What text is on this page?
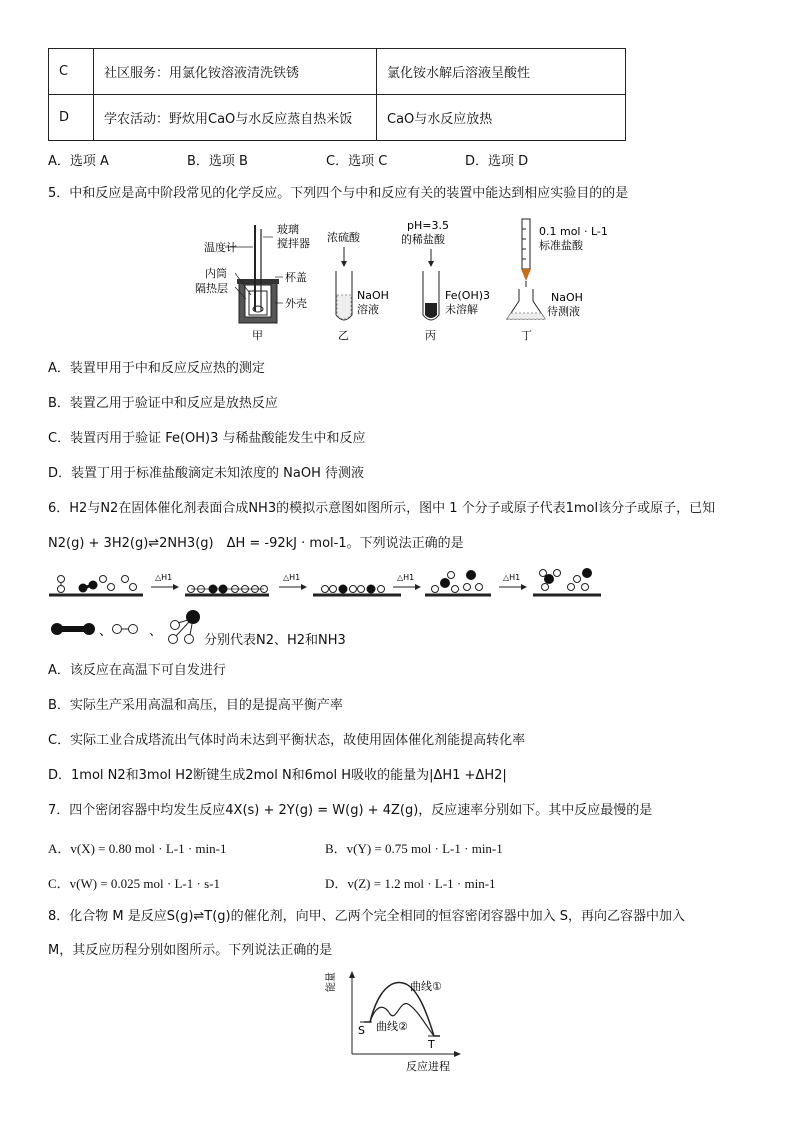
C	社区服务：用氯化铵溶液清洗铁锈	氯化铵水解后溶液呈酸性
D	学农活动：野炊用CaO与水反应蒸自热米饭	CaO与水反应放热
A．选项 A	B．选项 B	C．选项 C	D．选项 D
5．中和反应是高中阶段常见的化学反应。下列四个与中和反应有关的装置中能达到相应实验目的的是
温度计
玻璃
搅拌器
内筒
隔热层
杯盖
外壳
甲
浓硫酸
NaOH
溶液
乙
pH=3.5
的稀盐酸
Fe(OH)3
未溶解
丙
0.1 mol · L-1
标准盐酸
NaOH
待测液
丁
A．装置甲用于中和反应反应热的测定
B．装置乙用于验证中和反应是放热反应
C．装置丙用于验证 Fe(OH)3 与稀盐酸能发生中和反应
D．装置丁用于标准盐酸滴定未知浓度的 NaOH 待测液
6．H2与N2在固体催化剂表面合成NH3的模拟示意图如图所示，图中 1 个分子或原子代表1mol该分子或原子，已知
N2(g) + 3H2(g)⇌2NH3(g)　ΔH = -92kJ · mol-1。下列说法正确的是
△H1	△H1	△H1	△H1
、	、
分别代表N2、H2和NH3
A．该反应在高温下可自发进行
B．实际生产采用高温和高压，目的是提高平衡产率
C．实际工业合成塔流出气体时尚未达到平衡状态，故使用固体催化剂能提高转化率
D．1mol N2和3mol H2断键生成2mol N和6mol H吸收的能量为|ΔH1 +ΔH2|
7．四个密闭容器中均发生反应4X(s) + 2Y(g) = W(g) + 4Z(g)，反应速率分别如下。其中反应最慢的是
A．v(X) = 0.80 mol · L-1 · min-1	B．v(Y) = 0.75 mol · L-1 · min-1
C．v(W) = 0.025 mol · L-1 · s-1	D．v(Z) = 1.2 mol · L-1 · min-1
8．化合物 M 是反应S(g)⇌T(g)的催化剂，向甲、乙两个完全相同的恒容密闭容器中加入 S，再向乙容器中加入
M，其反应历程分别如图所示。下列说法正确的是
能量
反应进程
曲线①
曲线②
S
T
